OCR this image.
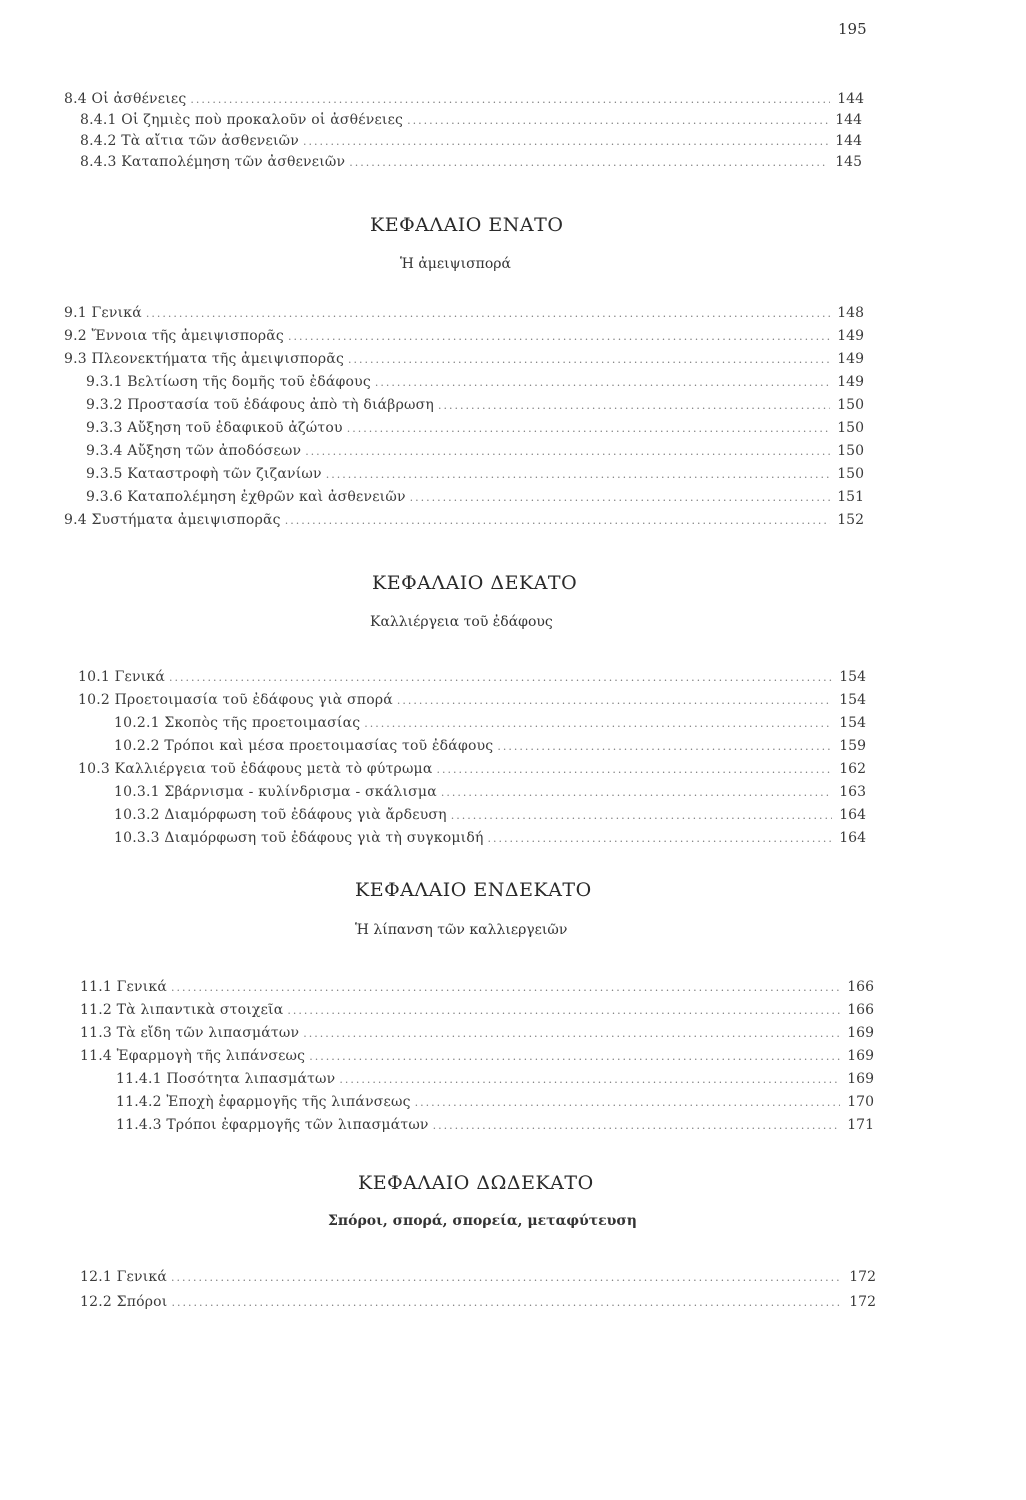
195
8.4 Οἱ ἀσθένειες .....	144
8.4.1 Οἱ ζημιὲς ποὺ προκαλοῦν οἱ ἀσθένειες .....	144
8.4.2 Τὰ αἴτια τῶν ἀσθενειῶν .....	144
8.4.3 Καταπολέμηση τῶν ἀσθενειῶν .....	145
ΚΕΦΑΛΑΙΟ ΕΝΑΤΟ
Ἡ ἀμειψισπορά
9.1 Γενικά .....	148
9.2 Ἔννοια τῆς ἀμειψισπορᾶς .....	149
9.3 Πλεονεκτήματα τῆς ἀμειψισπορᾶς .....	149
9.3.1 Βελτίωση τῆς δομῆς τοῦ ἐδάφους .....	149
9.3.2 Προστασία τοῦ ἐδάφους ἀπὸ τὴ διάβρωση .....	150
9.3.3 Αὔξηση τοῦ ἐδαφικοῦ ἀζώτου .....	150
9.3.4 Αὔξηση τῶν ἀποδόσεων .....	150
9.3.5 Καταστροφὴ τῶν ζιζανίων .....	150
9.3.6 Καταπολέμηση ἐχθρῶν καὶ ἀσθενειῶν .....	151
9.4 Συστήματα ἀμειψισπορᾶς .....	152
ΚΕΦΑΛΑΙΟ ΔΕΚΑΤΟ
Καλλιέργεια τοῦ ἐδάφους
10.1 Γενικά .....	154
10.2 Προετοιμασία τοῦ ἐδάφους γιὰ σπορά .....	154
10.2.1 Σκοπὸς τῆς προετοιμασίας .....	154
10.2.2 Τρόποι καὶ μέσα προετοιμασίας τοῦ ἐδάφους .....	159
10.3 Καλλιέργεια τοῦ ἐδάφους μετὰ τὸ φύτρωμα .....	162
10.3.1 Σβάρνισμα - κυλίνδρισμα - σκάλισμα .....	163
10.3.2 Διαμόρφωση τοῦ ἐδάφους γιὰ ἄρδευση .....	164
10.3.3 Διαμόρφωση τοῦ ἐδάφους γιὰ τὴ συγκομιδή .....	164
ΚΕΦΑΛΑΙΟ ΕΝΔΕΚΑΤΟ
Ἡ λίπανση τῶν καλλιεργειῶν
11.1 Γενικά .....	166
11.2 Τὰ λιπαντικὰ στοιχεῖα .....	166
11.3 Τὰ εἴδη τῶν λιπασμάτων .....	169
11.4 Ἐφαρμογὴ τῆς λιπάνσεως .....	169
11.4.1 Ποσότητα λιπασμάτων .....	169
11.4.2 Ἐποχὴ ἐφαρμογῆς τῆς λιπάνσεως .....	170
11.4.3 Τρόποι ἐφαρμογῆς τῶν λιπασμάτων .....	171
ΚΕΦΑΛΑΙΟ ΔΩΔΕΚΑΤΟ
Σπόροι, σπορά, σπορεία, μεταφύτευση
12.1 Γενικά .....	172
12.2 Σπόροι .....	172
